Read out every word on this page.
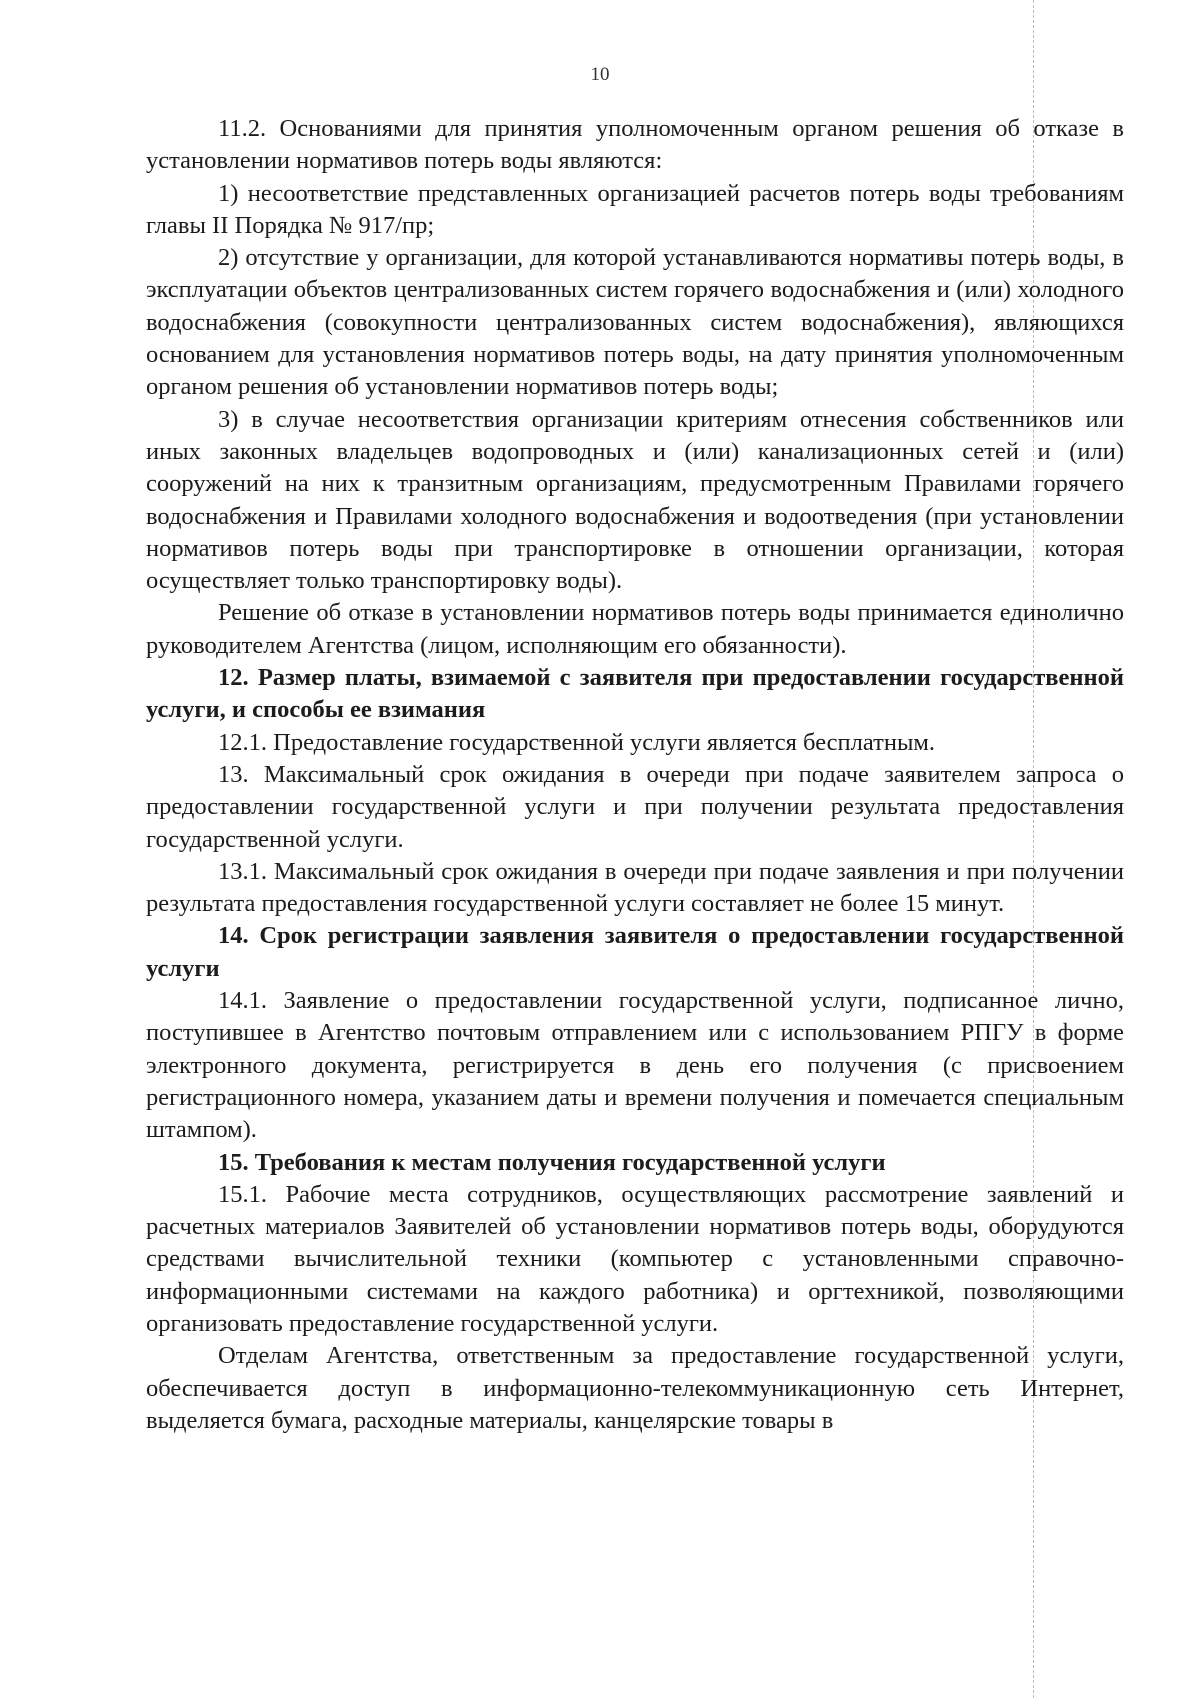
10

11.2. Основаниями для принятия уполномоченным органом решения об отказе в установлении нормативов потерь воды являются:

1) несоответствие представленных организацией расчетов потерь воды требованиям главы II Порядка № 917/пр;

2) отсутствие у организации, для которой устанавливаются нормативы потерь воды, в эксплуатации объектов централизованных систем горячего водоснабжения и (или) холодного водоснабжения (совокупности централизованных систем водоснабжения), являющихся основанием для установления нормативов потерь воды, на дату принятия уполномоченным органом решения об установлении нормативов потерь воды;

3) в случае несоответствия организации критериям отнесения собственников или иных законных владельцев водопроводных и (или) канализационных сетей и (или) сооружений на них к транзитным организациям, предусмотренным Правилами горячего водоснабжения и Правилами холодного водоснабжения и водоотведения (при установлении нормативов потерь воды при транспортировке в отношении организации, которая осуществляет только транспортировку воды).

Решение об отказе в установлении нормативов потерь воды принимается единолично руководителем Агентства (лицом, исполняющим его обязанности).

12. Размер платы, взимаемой с заявителя при предоставлении государственной услуги, и способы ее взимания

12.1. Предоставление государственной услуги является бесплатным.

13. Максимальный срок ожидания в очереди при подаче заявителем запроса о предоставлении государственной услуги и при получении результата предоставления государственной услуги.

13.1. Максимальный срок ожидания в очереди при подаче заявления и при получении результата предоставления государственной услуги составляет не более 15 минут.

14. Срок регистрации заявления заявителя о предоставлении государственной услуги

14.1. Заявление о предоставлении государственной услуги, подписанное лично, поступившее в Агентство почтовым отправлением или с использованием РПГУ в форме электронного документа, регистрируется в день его получения (с присвоением регистрационного номера, указанием даты и времени получения и помечается специальным штампом).

15. Требования к местам получения государственной услуги

15.1. Рабочие места сотрудников, осуществляющих рассмотрение заявлений и расчетных материалов Заявителей об установлении нормативов потерь воды, оборудуются средствами вычислительной техники (компьютер с установленными справочно-информационными системами на каждого работника) и оргтехникой, позволяющими организовать предоставление государственной услуги.

Отделам Агентства, ответственным за предоставление государственной услуги, обеспечивается доступ в информационно-телекоммуникационную сеть Интернет, выделяется бумага, расходные материалы, канцелярские товары в
